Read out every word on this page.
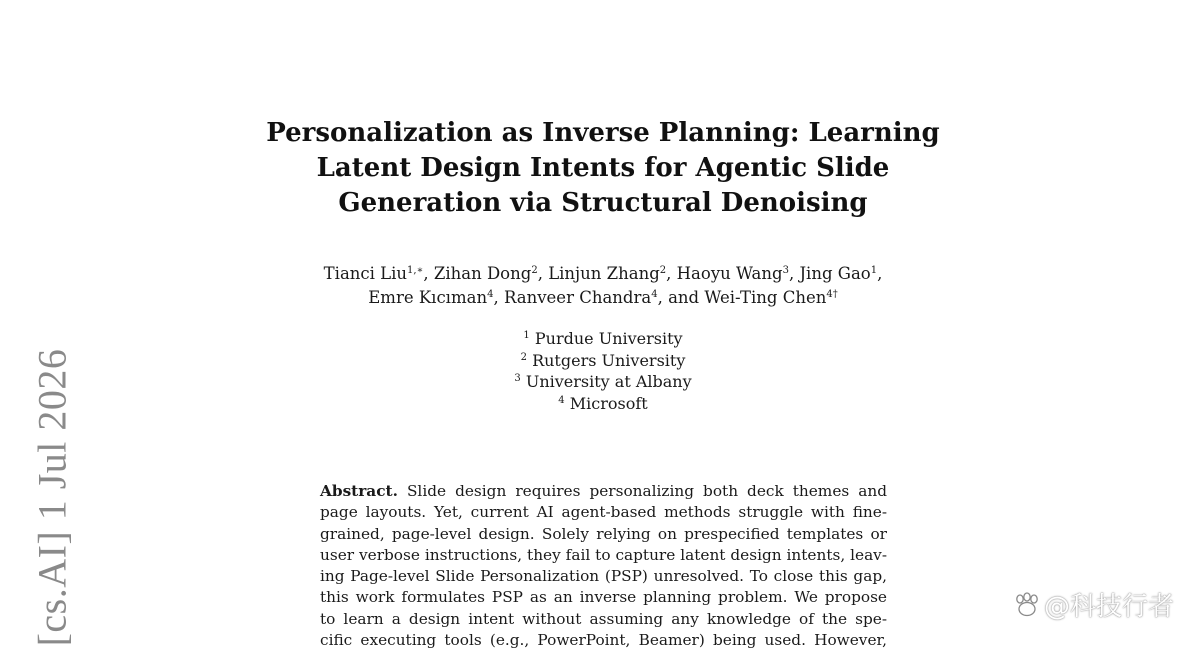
[cs.AI] 1 Jul 2026
Personalization as Inverse Planning: Learning
Latent Design Intents for Agentic Slide
Generation via Structural Denoising
Tianci Liu$^{1,∗}$, Zihan Dong$^2$, Linjun Zhang$^2$, Haoyu Wang$^3$, Jing Gao$^1$,
Emre Kıcıman$^4$, Ranveer Chandra$^4$, and Wei-Ting Chen$^{4\dagger}$
$^1$ Purdue University
$^2$ Rutgers University
$^3$ University at Albany
$^4$ Microsoft
Abstract. Slide design requires personalizing both deck themes and
page layouts. Yet, current AI agent-based methods struggle with fine-
grained, page-level design. Solely relying on prespecified templates or
user verbose instructions, they fail to capture latent design intents, leav-
ing Page-level Slide Personalization (PSP) unresolved. To close this gap,
this work formulates PSP as an inverse planning problem. We propose
to learn a design intent without assuming any knowledge of the spe-
cific executing tools (e.g., PowerPoint, Beamer) being used. However,
@科技行者
